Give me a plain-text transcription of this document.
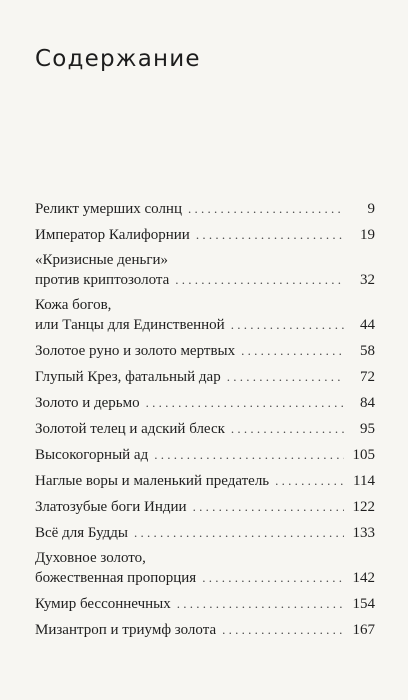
Содержание
Реликт умерших солнц . . .	9
Император Калифорнии . . .	19
«Кризисные деньги»
против криптозолота . . .	32
Кожа богов,
или Танцы для Единственной . . .	44
Золотое руно и золото мертвых . . .	58
Глупый Крез, фатальный дар . . .	72
Золото и дерьмо . . .	84
Золотой телец и адский блеск . . .	95
Высокогорный ад . . .	105
Наглые воры и маленький предатель . . .	114
Златозубые боги Индии . . .	122
Всё для Будды . . .	133
Духовное золото,
божественная пропорция . . .	142
Кумир бессоннечных . . .	154
Мизантроп и триумф золота . . .	167
